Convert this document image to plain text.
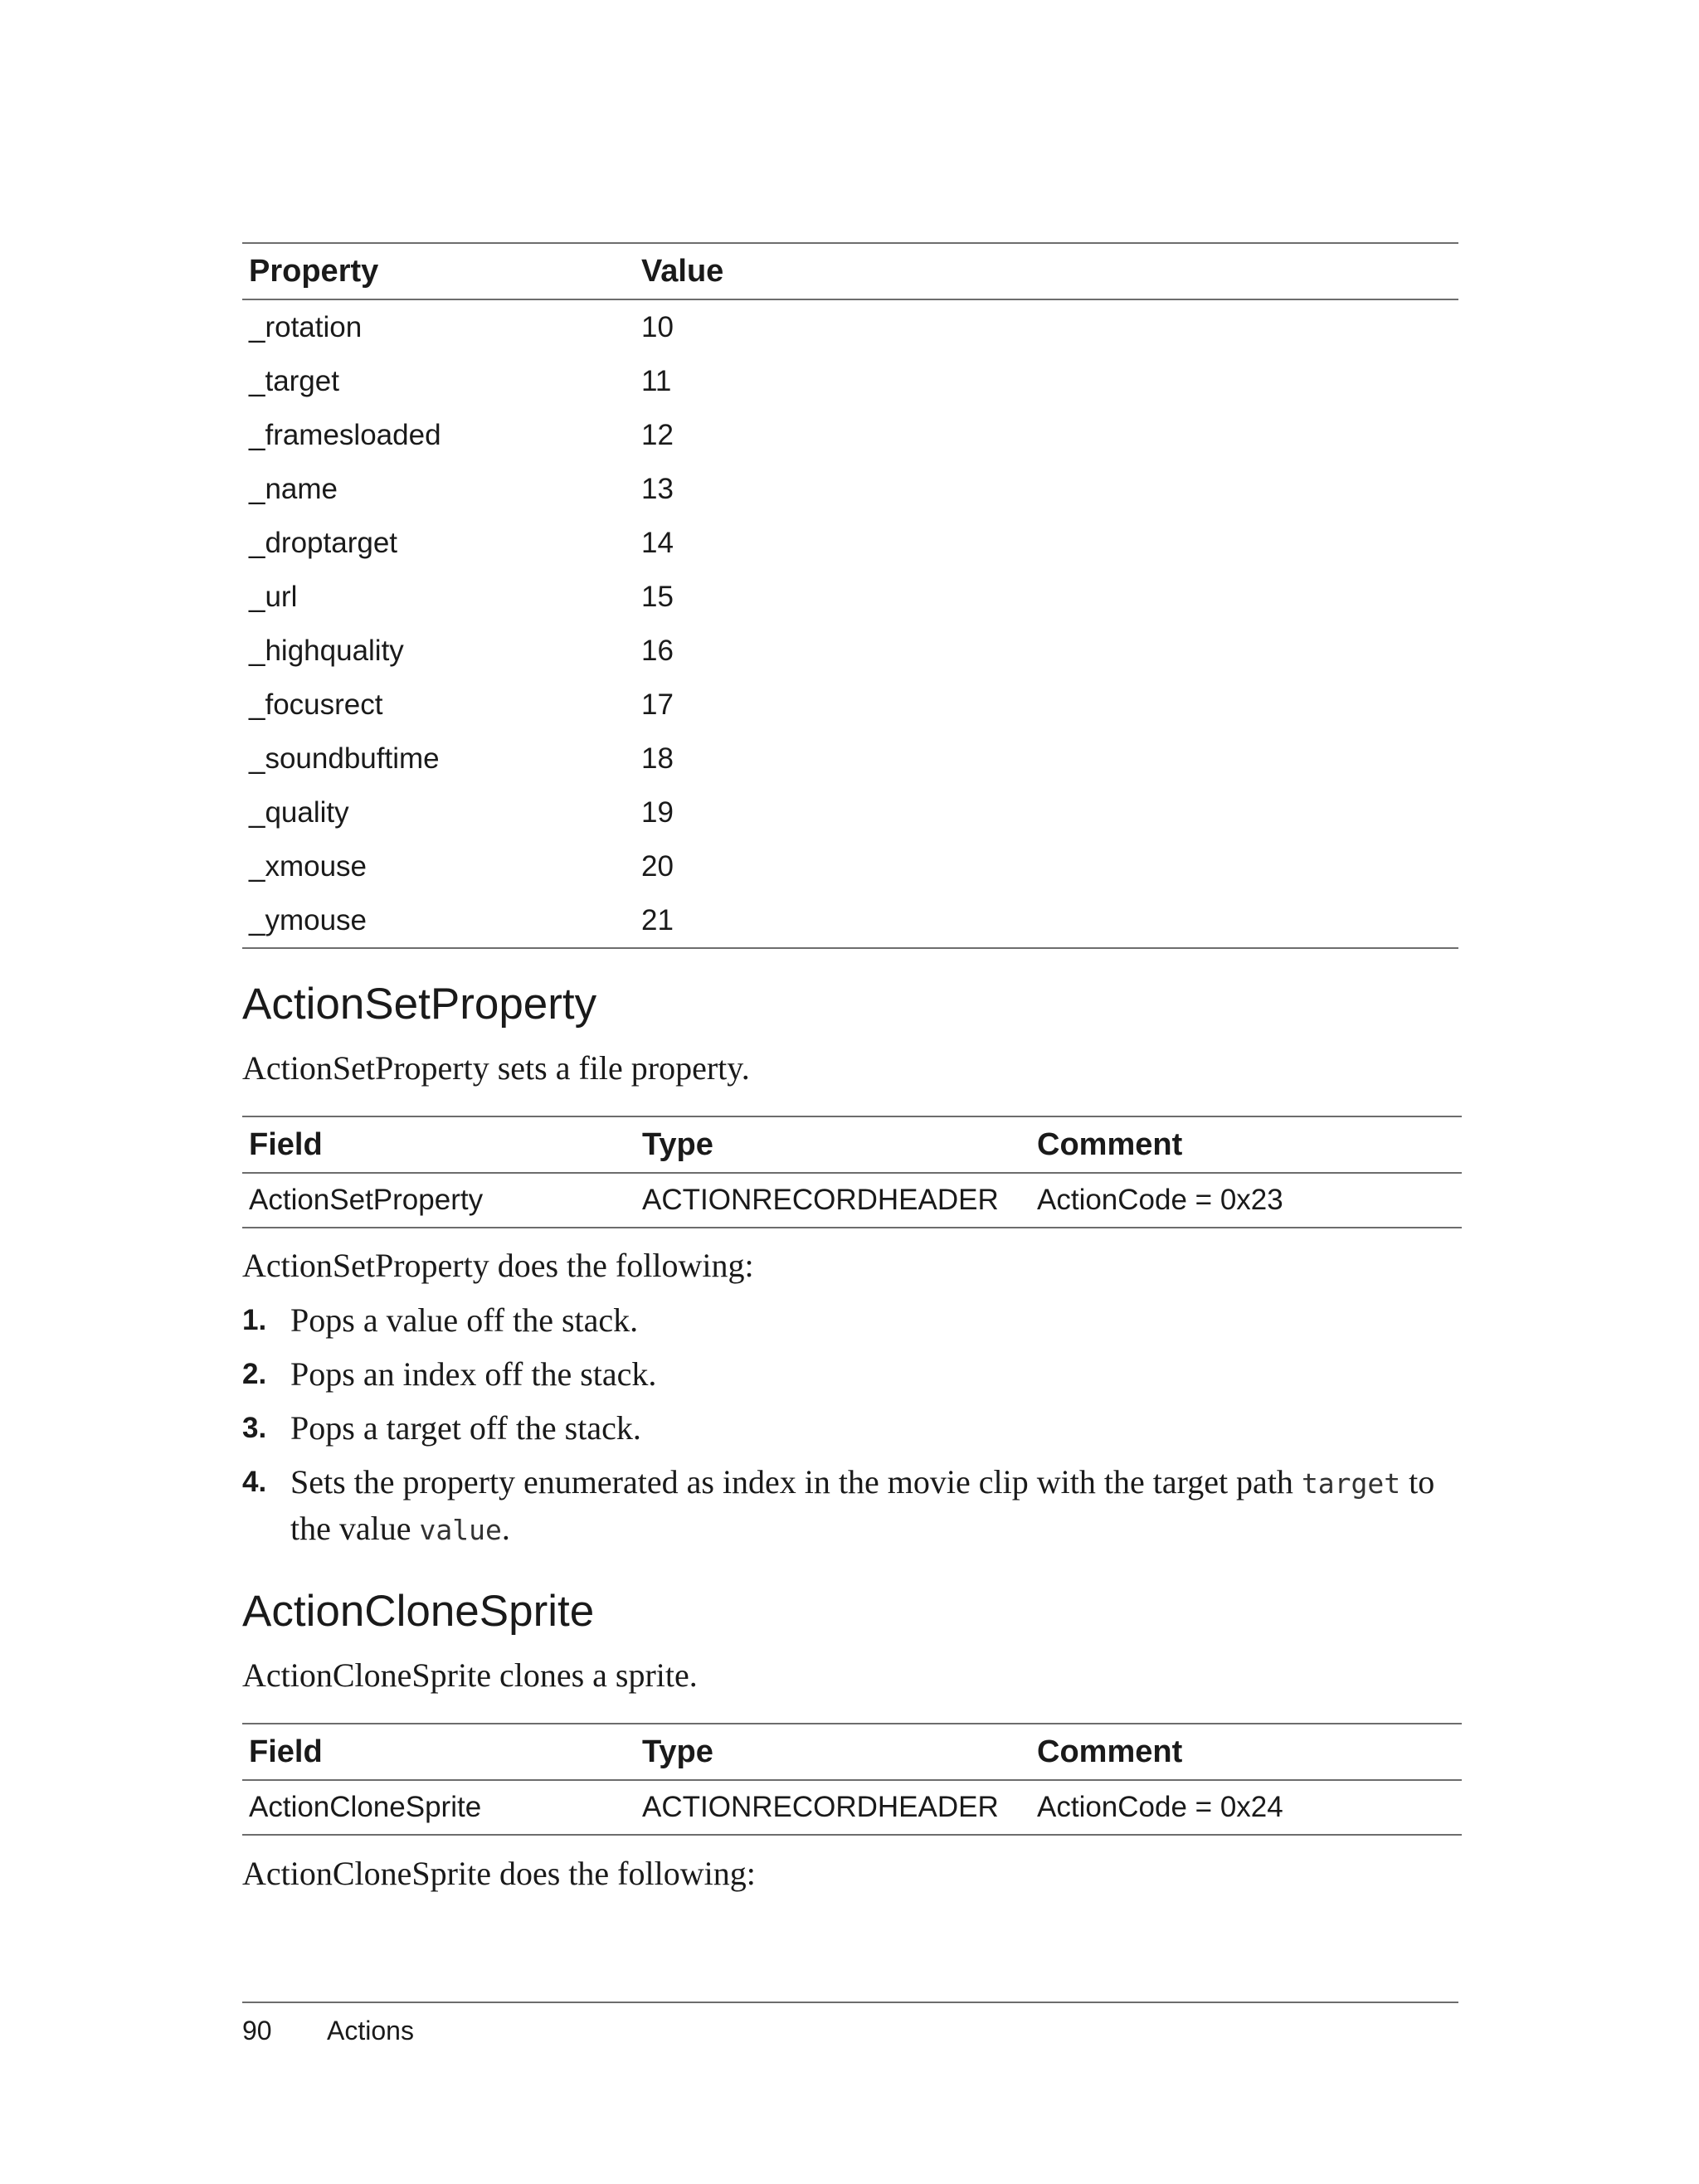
Property	Value
_rotation	10
_target	11
_framesloaded	12
_name	13
_droptarget	14
_url	15
_highquality	16
_focusrect	17
_soundbuftime	18
_quality	19
_xmouse	20
_ymouse	21
ActionSetProperty

ActionSetProperty sets a file property.

Field	Type	Comment
ActionSetProperty	ACTIONRECORDHEADER	ActionCode = 0x23

ActionSetProperty does the following:

1. Pops a value off the stack.
2. Pops an index off the stack.
3. Pops a target off the stack.
4. Sets the property enumerated as index in the movie clip with the target path target to the value value.
ActionCloneSprite

ActionCloneSprite clones a sprite.

Field	Type	Comment
ActionCloneSprite	ACTIONRECORDHEADER	ActionCode = 0x24

ActionCloneSprite does the following:

90 Actions
